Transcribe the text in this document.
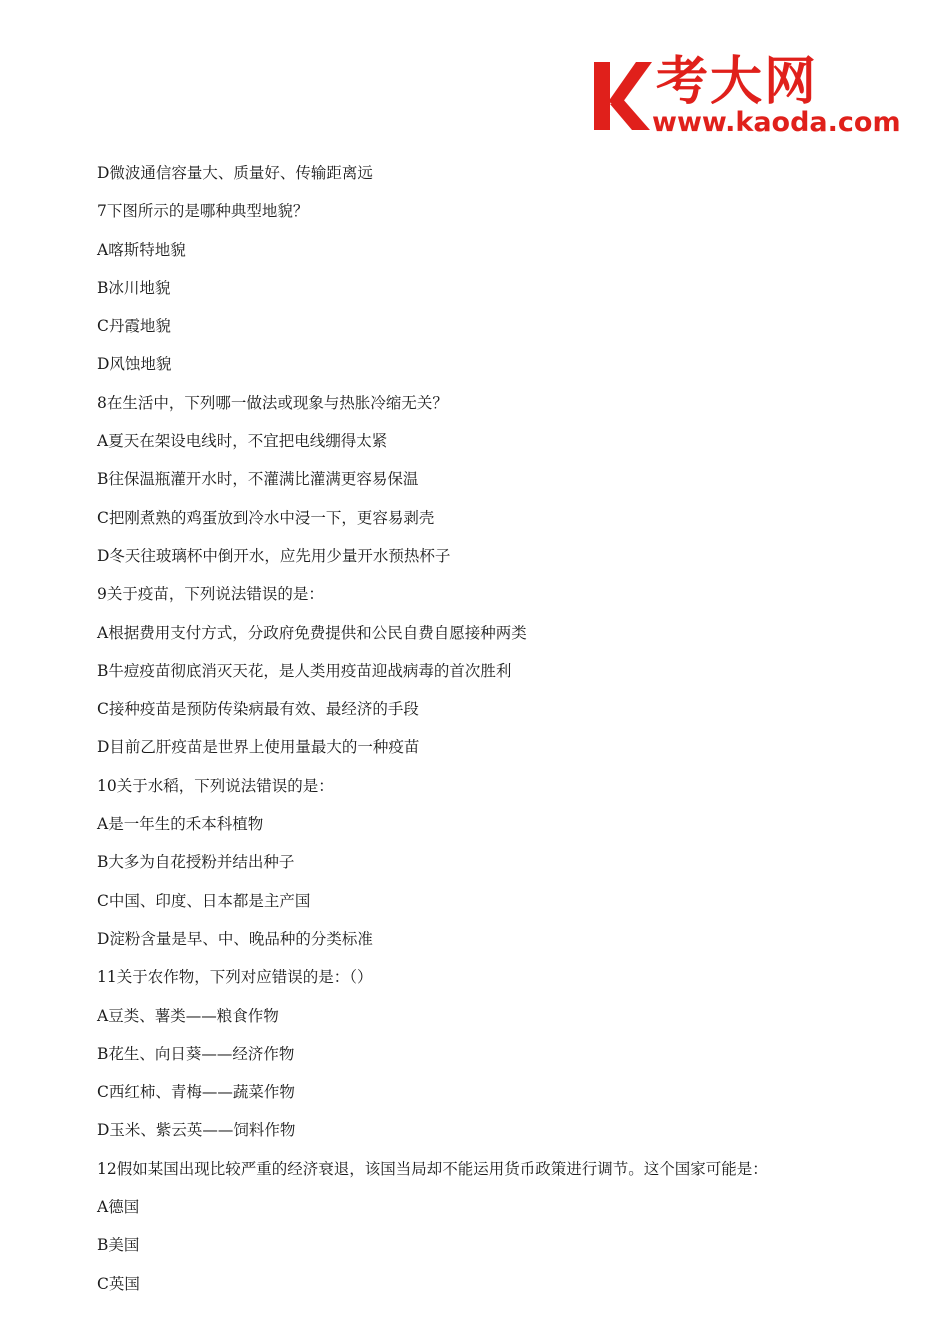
考大网
www.kaoda.com
D微波通信容量大、质量好、传输距离远
7下图所示的是哪种典型地貌？
A喀斯特地貌
B冰川地貌
C丹霞地貌
D风蚀地貌
8在生活中，下列哪一做法或现象与热胀冷缩无关？
A夏天在架设电线时，不宜把电线绷得太紧
B往保温瓶灌开水时，不灌满比灌满更容易保温
C把刚煮熟的鸡蛋放到冷水中浸一下，更容易剥壳
D冬天往玻璃杯中倒开水，应先用少量开水预热杯子
9关于疫苗，下列说法错误的是：
A根据费用支付方式，分政府免费提供和公民自费自愿接种两类
B牛痘疫苗彻底消灭天花，是人类用疫苗迎战病毒的首次胜利
C接种疫苗是预防传染病最有效、最经济的手段
D目前乙肝疫苗是世界上使用量最大的一种疫苗
10关于水稻，下列说法错误的是：
A是一年生的禾本科植物
B大多为自花授粉并结出种子
C中国、印度、日本都是主产国
D淀粉含量是早、中、晚品种的分类标准
11关于农作物，下列对应错误的是：（）
A豆类、薯类——粮食作物
B花生、向日葵——经济作物
C西红柿、青梅——蔬菜作物
D玉米、紫云英——饲料作物
12假如某国出现比较严重的经济衰退，该国当局却不能运用货币政策进行调节。这个国家可能是：
A德国
B美国
C英国
